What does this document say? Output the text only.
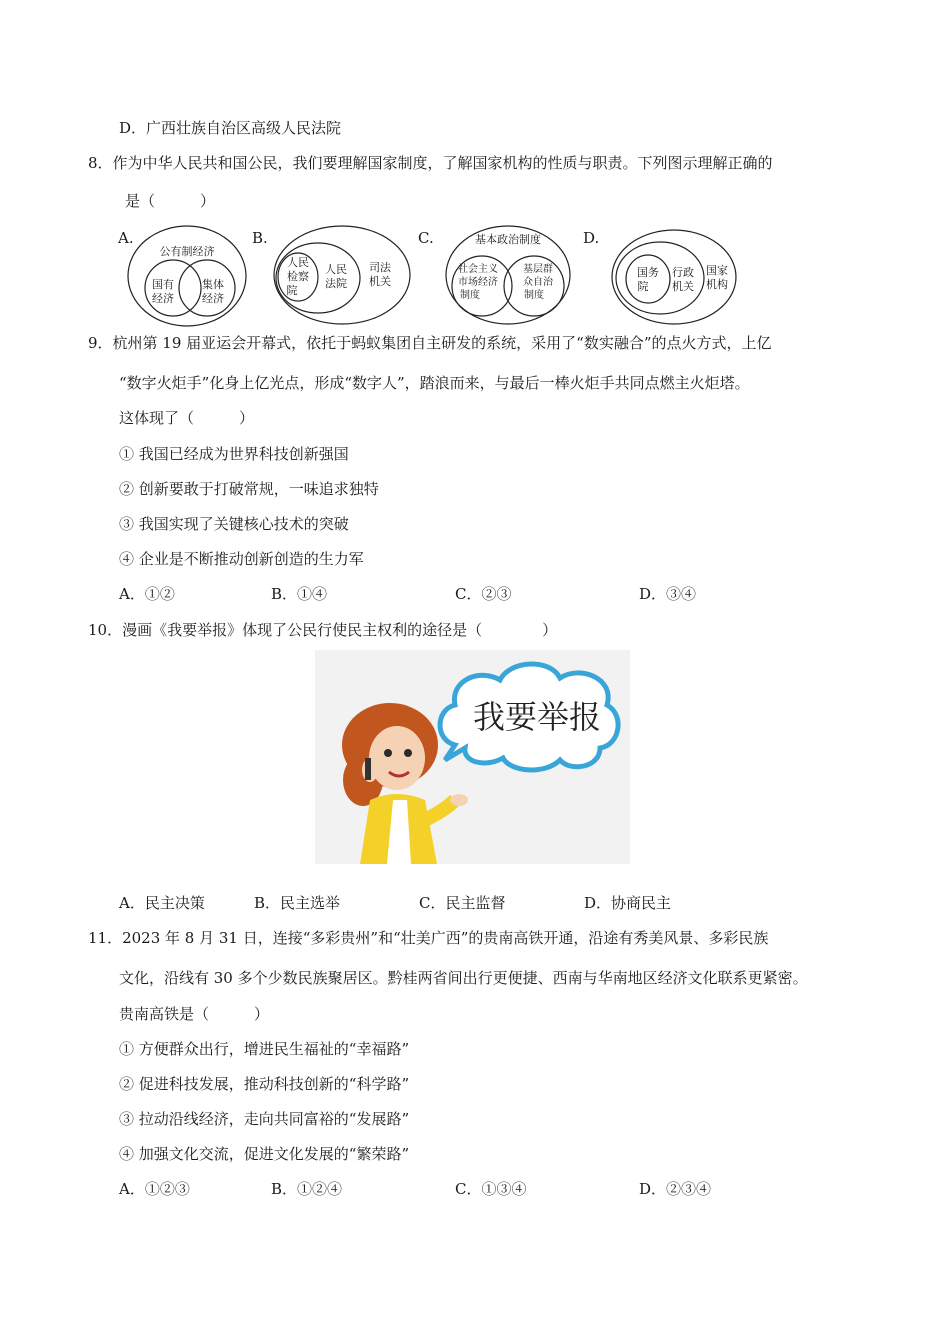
D．广西壮族自治区高级人民法院
8．作为中华人民共和国公民，我们要理解国家制度，了解国家机构的性质与职责。下列图示理解正确的
是（　　　）
A.
公有制经济
国有
经济
集体
经济
B.
人民
检察
院
人民
法院
司法
机关
C.	基本政治制度
社会主义
市场经济
制度
基层群
众自治
制度
D.
国务
院
行政
机关
国家
机构
9．杭州第 19 届亚运会开幕式，依托于蚂蚁集团自主研发的系统，采用了“数实融合”的点火方式，上亿
“数字火炬手”化身上亿光点，形成“数字人”，踏浪而来，与最后一棒火炬手共同点燃主火炬塔。
这体现了（　　　）
① 我国已经成为世界科技创新强国
② 创新要敢于打破常规，一味追求独特
③ 我国实现了关键核心技术的突破
④ 企业是不断推动创新创造的生力军
A．①②	B．①④	C．②③	D．③④
10．漫画《我要举报》体现了公民行使民主权利的途径是（　　　　）
我要举报
A．民主决策	B．民主选举	C．民主监督	D．协商民主
11．2023 年 8 月 31 日，连接“多彩贵州”和“壮美广西”的贵南高铁开通，沿途有秀美风景、多彩民族
文化，沿线有 30 多个少数民族聚居区。黔桂两省间出行更便捷、西南与华南地区经济文化联系更紧密。
贵南高铁是（　　　）
① 方便群众出行，增进民生福祉的“幸福路”
② 促进科技发展，推动科技创新的“科学路”
③ 拉动沿线经济，走向共同富裕的“发展路”
④ 加强文化交流，促进文化发展的“繁荣路”
A．①②③	B．①②④	C．①③④	D．②③④
